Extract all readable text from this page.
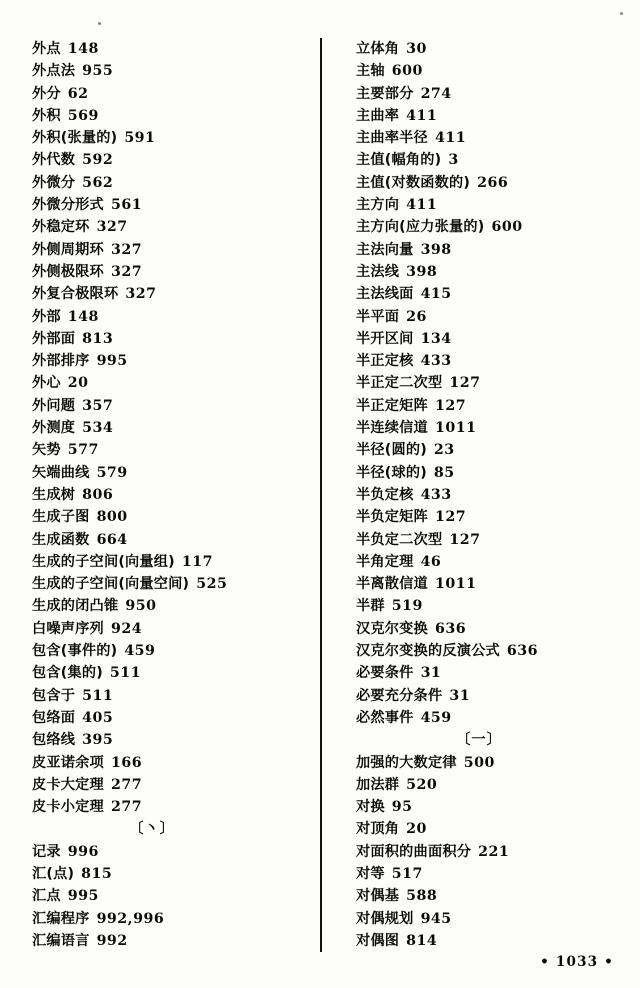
外点 148
外点法 955
外分 62
外积 569
外积(张量的) 591
外代数 592
外微分 562
外微分形式 561
外稳定环 327
外侧周期环 327
外侧极限环 327
外复合极限环 327
外部 148
外部面 813
外部排序 995
外心 20
外问题 357
外测度 534
矢势 577
矢端曲线 579
生成树 806
生成子图 800
生成函数 664
生成的子空间(向量组) 117
生成的子空间(向量空间) 525
生成的闭凸锥 950
白噪声序列 924
包含(事件的) 459
包含(集的) 511
包含于 511
包络面 405
包络线 395
皮亚诺余项 166
皮卡大定理 277
皮卡小定理 277
〔丶〕
记录 996
汇(点) 815
汇点 995
汇编程序 992,996
汇编语言 992
立体角 30
主轴 600
主要部分 274
主曲率 411
主曲率半径 411
主值(幅角的) 3
主值(对数函数的) 266
主方向 411
主方向(应力张量的) 600
主法向量 398
主法线 398
主法线面 415
半平面 26
半开区间 134
半正定核 433
半正定二次型 127
半正定矩阵 127
半连续信道 1011
半径(圆的) 23
半径(球的) 85
半负定核 433
半负定矩阵 127
半负定二次型 127
半角定理 46
半离散信道 1011
半群 519
汉克尔变换 636
汉克尔变换的反演公式 636
必要条件 31
必要充分条件 31
必然事件 459
〔一〕
加强的大数定律 500
加法群 520
对换 95
对顶角 20
对面积的曲面积分 221
对等 517
对偶基 588
对偶规划 945
对偶图 814
• 1033 •
